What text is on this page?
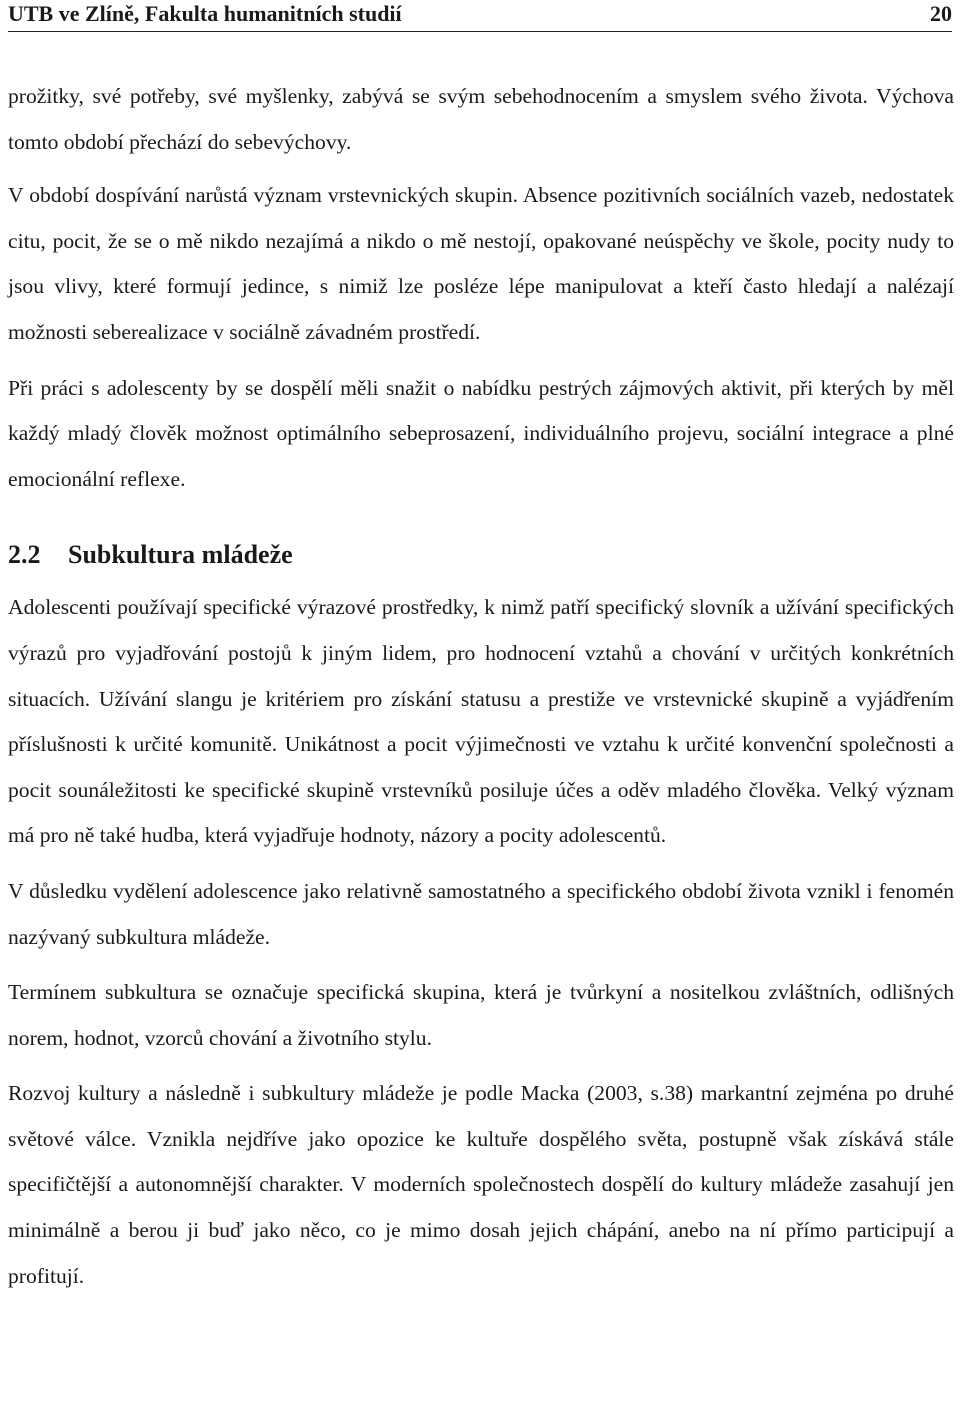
UTB ve Zlíně, Fakulta humanitních studií	20

prožitky, své potřeby, své myšlenky, zabývá se svým sebehodnocením a smyslem svého života. Výchova tomto období přechází do sebevýchovy.

V období dospívání narůstá význam vrstevnických skupin. Absence pozitivních sociálních vazeb, nedostatek citu, pocit, že se o mě nikdo nezajímá a nikdo o mě nestojí, opakované neúspěchy ve škole, pocity nudy to jsou vlivy, které formují jedince, s nimiž lze posléze lépe manipulovat a kteří často hledají a nalézají možnosti seberealizace v sociálně závadném prostředí.

Při práci s adolescenty by se dospělí měli snažit o nabídku pestrých zájmových aktivit, při kterých by měl každý mladý člověk možnost optimálního sebeprosazení, individuálního projevu, sociální integrace a plné emocionální reflexe.

2.2 Subkultura mládeže

Adolescenti používají specifické výrazové prostředky, k nimž patří specifický slovník a užívání specifických výrazů pro vyjadřování postojů k jiným lidem, pro hodnocení vztahů a chování v určitých konkrétních situacích. Užívání slangu je kritériem pro získání statusu a prestiže ve vrstevnické skupině a vyjádřením příslušnosti k určité komunitě. Unikátnost a pocit výjimečnosti ve vztahu k určité konvenční společnosti a pocit sounáležitosti ke specifické skupině vrstevníků posiluje účes a oděv mladého člověka. Velký význam má pro ně také hudba, která vyjadřuje hodnoty, názory a pocity adolescentů.

V důsledku vydělení adolescence jako relativně samostatného a specifického období života vznikl i fenomén nazývaný subkultura mládeže.

Termínem subkultura se označuje specifická skupina, která je tvůrkyní a nositelkou zvláštních, odlišných norem, hodnot, vzorců chování a životního stylu.

Rozvoj kultury a následně i subkultury mládeže je podle Macka (2003, s.38) markantní zejména po druhé světové válce. Vznikla nejdříve jako opozice ke kultuře dospělého světa, postupně však získává stále specifičtější a autonomnější charakter. V moderních společnostech dospělí do kultury mládeže zasahují jen minimálně a berou ji buď jako něco, co je mimo dosah jejich chápání, anebo na ní přímo participují a profitují.
